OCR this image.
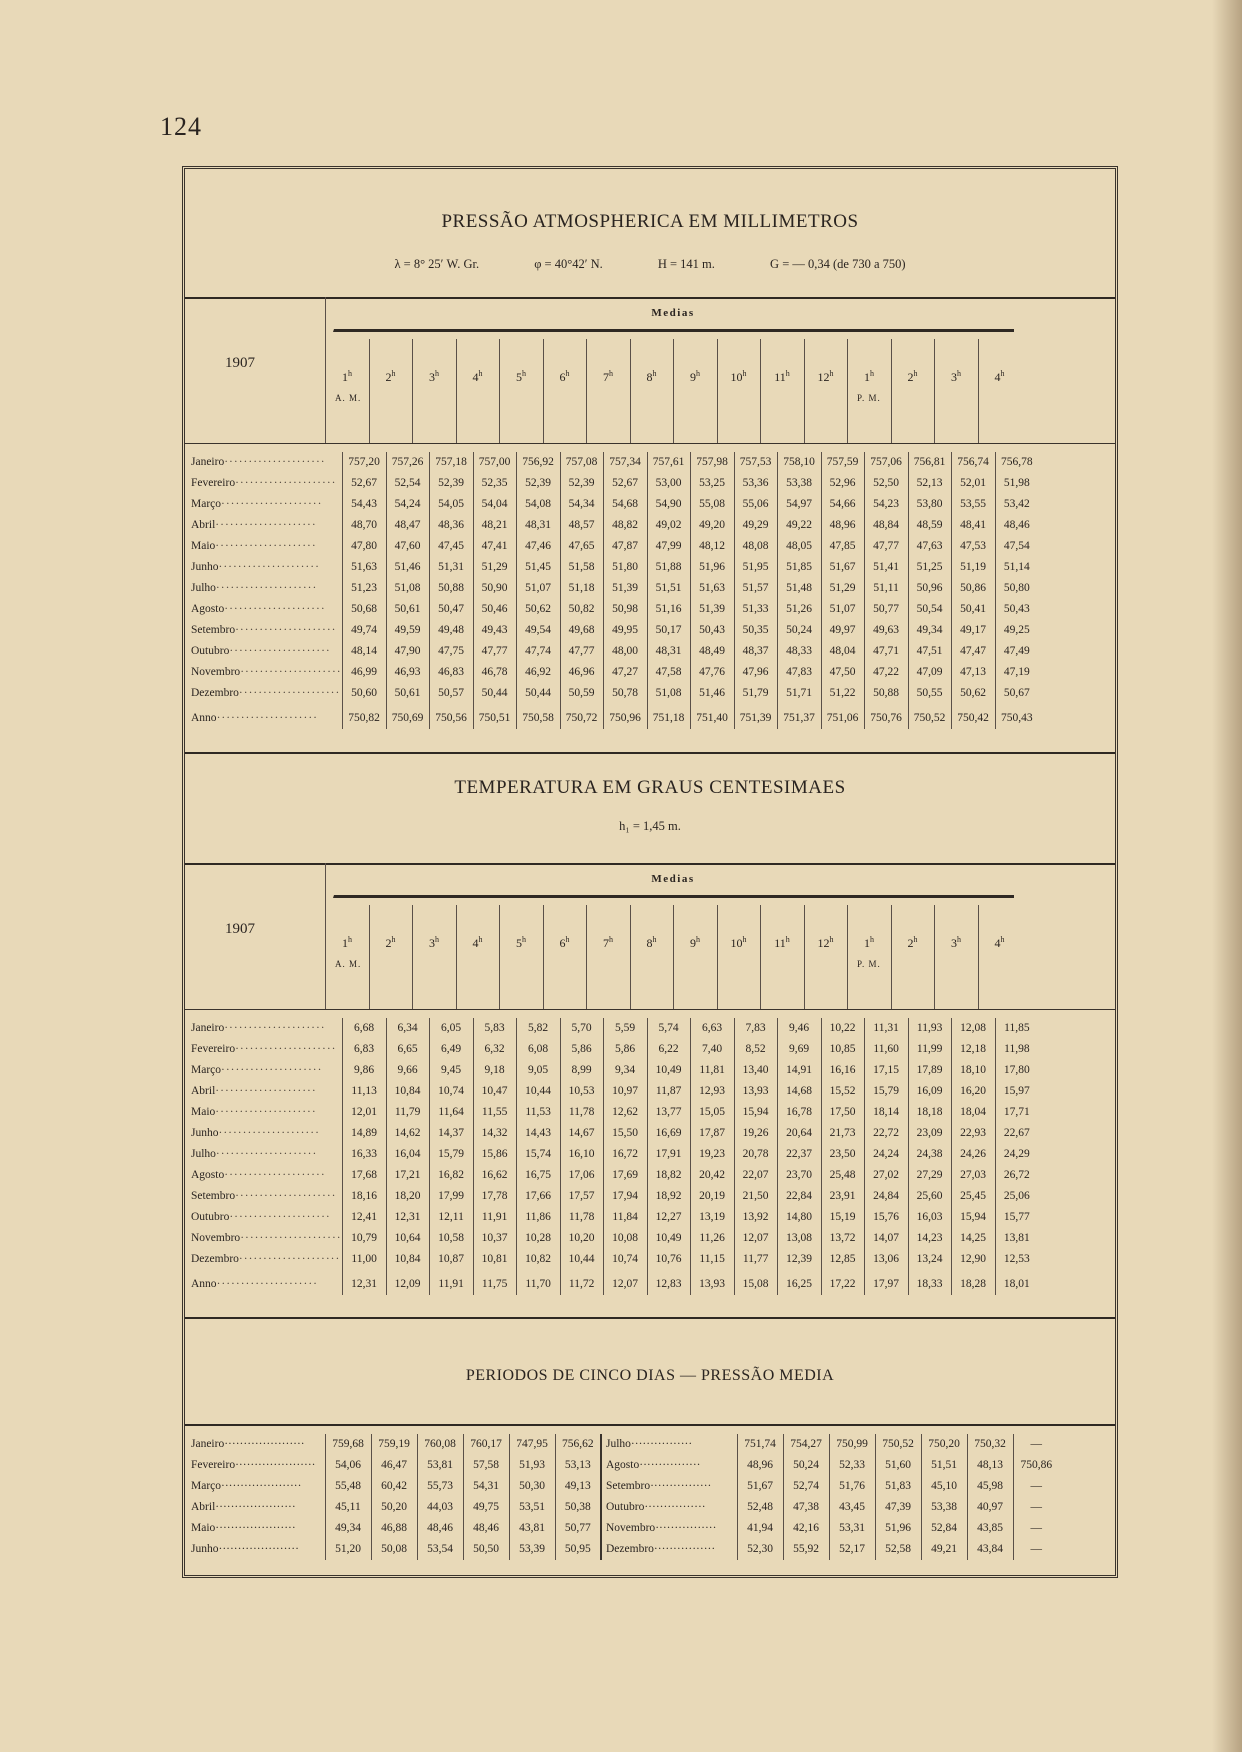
124
PRESSÃO ATMOSPHERICA EM MILLIMETROS
λ = 8° 25′ W. Gr.	φ = 40°42′ N.	H = 141 m.	G = — 0,34 (de 730 a 750)
1907
Medias
1$^h$
A. M.
2$^h$	3$^h$	4$^h$	5$^h$	6$^h$	7$^h$	8$^h$	9$^h$	10$^h$	11$^h$	12$^h$	1$^h$
P. M.
2$^h$	3$^h$	4$^h$
Janeiro·····················	757,20	757,26	757,18	757,00	756,92	757,08	757,34	757,61	757,98	757,53	758,10	757,59	757,06	756,81	756,74	756,78
Fevereiro·····················	52,67	52,54	52,39	52,35	52,39	52,39	52,67	53,00	53,25	53,36	53,38	52,96	52,50	52,13	52,01	51,98
Março·····················	54,43	54,24	54,05	54,04	54,08	54,34	54,68	54,90	55,08	55,06	54,97	54,66	54,23	53,80	53,55	53,42
Abril·····················	48,70	48,47	48,36	48,21	48,31	48,57	48,82	49,02	49,20	49,29	49,22	48,96	48,84	48,59	48,41	48,46
Maio·····················	47,80	47,60	47,45	47,41	47,46	47,65	47,87	47,99	48,12	48,08	48,05	47,85	47,77	47,63	47,53	47,54
Junho·····················	51,63	51,46	51,31	51,29	51,45	51,58	51,80	51,88	51,96	51,95	51,85	51,67	51,41	51,25	51,19	51,14
Julho·····················	51,23	51,08	50,88	50,90	51,07	51,18	51,39	51,51	51,63	51,57	51,48	51,29	51,11	50,96	50,86	50,80
Agosto·····················	50,68	50,61	50,47	50,46	50,62	50,82	50,98	51,16	51,39	51,33	51,26	51,07	50,77	50,54	50,41	50,43
Setembro·····················	49,74	49,59	49,48	49,43	49,54	49,68	49,95	50,17	50,43	50,35	50,24	49,97	49,63	49,34	49,17	49,25
Outubro·····················	48,14	47,90	47,75	47,77	47,74	47,77	48,00	48,31	48,49	48,37	48,33	48,04	47,71	47,51	47,47	47,49
Novembro·····················	46,99	46,93	46,83	46,78	46,92	46,96	47,27	47,58	47,76	47,96	47,83	47,50	47,22	47,09	47,13	47,19
Dezembro·····················	50,60	50,61	50,57	50,44	50,44	50,59	50,78	51,08	51,46	51,79	51,71	51,22	50,88	50,55	50,62	50,67
Anno·····················	750,82	750,69	750,56	750,51	750,58	750,72	750,96	751,18	751,40	751,39	751,37	751,06	750,76	750,52	750,42	750,43
TEMPERATURA EM GRAUS CENTESIMAES
h₁ = 1,45 m.
1907
Medias
1$^h$
A. M.
2$^h$	3$^h$	4$^h$	5$^h$	6$^h$	7$^h$	8$^h$	9$^h$	10$^h$	11$^h$	12$^h$	1$^h$
P. M.
2$^h$	3$^h$	4$^h$
Janeiro·····················	6,68	6,34	6,05	5,83	5,82	5,70	5,59	5,74	6,63	7,83	9,46	10,22	11,31	11,93	12,08	11,85
Fevereiro·····················	6,83	6,65	6,49	6,32	6,08	5,86	5,86	6,22	7,40	8,52	9,69	10,85	11,60	11,99	12,18	11,98
Março·····················	9,86	9,66	9,45	9,18	9,05	8,99	9,34	10,49	11,81	13,40	14,91	16,16	17,15	17,89	18,10	17,80
Abril·····················	11,13	10,84	10,74	10,47	10,44	10,53	10,97	11,87	12,93	13,93	14,68	15,52	15,79	16,09	16,20	15,97
Maio·····················	12,01	11,79	11,64	11,55	11,53	11,78	12,62	13,77	15,05	15,94	16,78	17,50	18,14	18,18	18,04	17,71
Junho·····················	14,89	14,62	14,37	14,32	14,43	14,67	15,50	16,69	17,87	19,26	20,64	21,73	22,72	23,09	22,93	22,67
Julho·····················	16,33	16,04	15,79	15,86	15,74	16,10	16,72	17,91	19,23	20,78	22,37	23,50	24,24	24,38	24,26	24,29
Agosto·····················	17,68	17,21	16,82	16,62	16,75	17,06	17,69	18,82	20,42	22,07	23,70	25,48	27,02	27,29	27,03	26,72
Setembro·····················	18,16	18,20	17,99	17,78	17,66	17,57	17,94	18,92	20,19	21,50	22,84	23,91	24,84	25,60	25,45	25,06
Outubro·····················	12,41	12,31	12,11	11,91	11,86	11,78	11,84	12,27	13,19	13,92	14,80	15,19	15,76	16,03	15,94	15,77
Novembro·····················	10,79	10,64	10,58	10,37	10,28	10,20	10,08	10,49	11,26	12,07	13,08	13,72	14,07	14,23	14,25	13,81
Dezembro·····················	11,00	10,84	10,87	10,81	10,82	10,44	10,74	10,76	11,15	11,77	12,39	12,85	13,06	13,24	12,90	12,53
Anno·····················	12,31	12,09	11,91	11,75	11,70	11,72	12,07	12,83	13,93	15,08	16,25	17,22	17,97	18,33	18,28	18,01
PERIODOS DE CINCO DIAS — PRESSÃO MEDIA
Janeiro·····················	759,68	759,19	760,08	760,17	747,95	756,62	Julho················	751,74	754,27	750,99	750,52	750,20	750,32	—
Fevereiro·····················	54,06	46,47	53,81	57,58	51,93	53,13	Agosto················	48,96	50,24	52,33	51,60	51,51	48,13	750,86
Março·····················	55,48	60,42	55,73	54,31	50,30	49,13	Setembro················	51,67	52,74	51,76	51,83	45,10	45,98	—
Abril·····················	45,11	50,20	44,03	49,75	53,51	50,38	Outubro················	52,48	47,38	43,45	47,39	53,38	40,97	—
Maio·····················	49,34	46,88	48,46	48,46	43,81	50,77	Novembro················	41,94	42,16	53,31	51,96	52,84	43,85	—
Junho·····················	51,20	50,08	53,54	50,50	53,39	50,95	Dezembro················	52,30	55,92	52,17	52,58	49,21	43,84	—
